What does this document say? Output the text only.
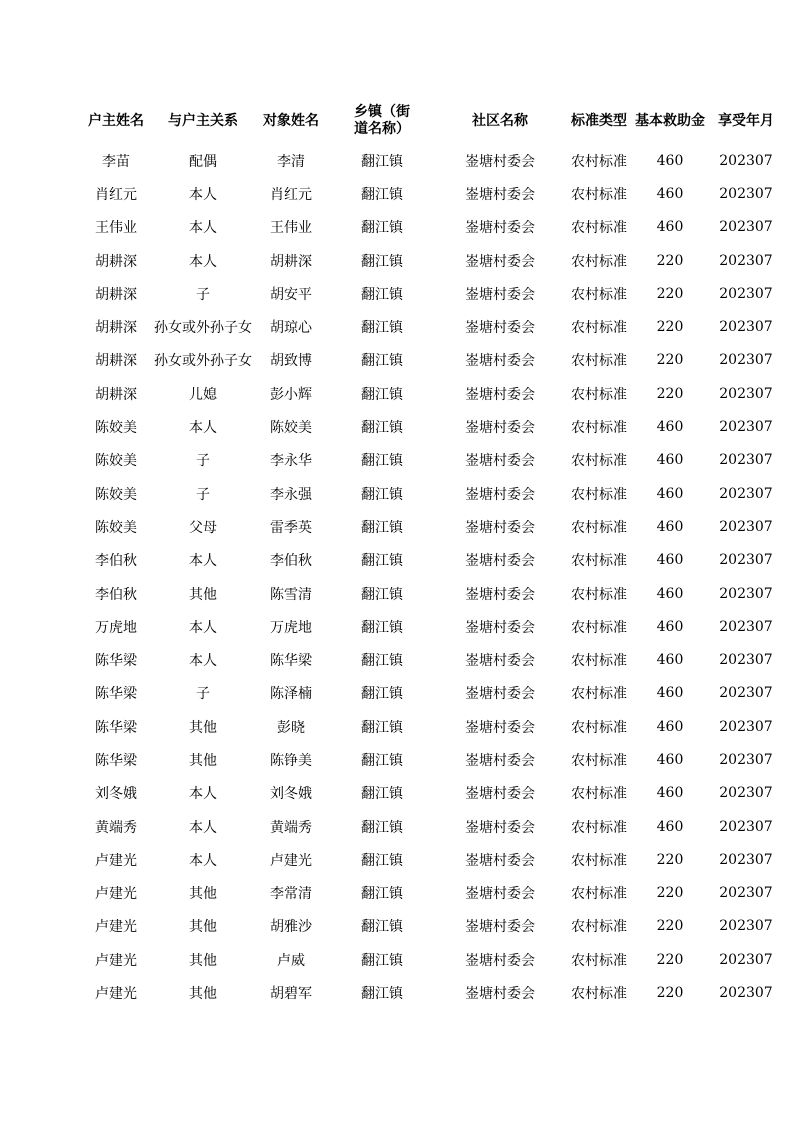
户主姓名	与户主关系	对象姓名	乡镇（街道名称）	社区名称	标准类型	基本救助金	享受年月
李苗	配偶	李清	翻江镇	崟塘村委会	农村标准	460	202307
肖红元	本人	肖红元	翻江镇	崟塘村委会	农村标准	460	202307
王伟业	本人	王伟业	翻江镇	崟塘村委会	农村标准	460	202307
胡耕深	本人	胡耕深	翻江镇	崟塘村委会	农村标准	220	202307
胡耕深	子	胡安平	翻江镇	崟塘村委会	农村标准	220	202307
胡耕深	孙女或外孙子女	胡琼心	翻江镇	崟塘村委会	农村标准	220	202307
胡耕深	孙女或外孙子女	胡致博	翻江镇	崟塘村委会	农村标准	220	202307
胡耕深	儿媳	彭小辉	翻江镇	崟塘村委会	农村标准	220	202307
陈姣美	本人	陈姣美	翻江镇	崟塘村委会	农村标准	460	202307
陈姣美	子	李永华	翻江镇	崟塘村委会	农村标准	460	202307
陈姣美	子	李永强	翻江镇	崟塘村委会	农村标准	460	202307
陈姣美	父母	雷季英	翻江镇	崟塘村委会	农村标准	460	202307
李伯秋	本人	李伯秋	翻江镇	崟塘村委会	农村标准	460	202307
李伯秋	其他	陈雪清	翻江镇	崟塘村委会	农村标准	460	202307
万虎地	本人	万虎地	翻江镇	崟塘村委会	农村标准	460	202307
陈华梁	本人	陈华梁	翻江镇	崟塘村委会	农村标准	460	202307
陈华梁	子	陈泽楠	翻江镇	崟塘村委会	农村标准	460	202307
陈华梁	其他	彭晓	翻江镇	崟塘村委会	农村标准	460	202307
陈华梁	其他	陈铮美	翻江镇	崟塘村委会	农村标准	460	202307
刘冬娥	本人	刘冬娥	翻江镇	崟塘村委会	农村标准	460	202307
黄端秀	本人	黄端秀	翻江镇	崟塘村委会	农村标准	460	202307
卢建光	本人	卢建光	翻江镇	崟塘村委会	农村标准	220	202307
卢建光	其他	李常清	翻江镇	崟塘村委会	农村标准	220	202307
卢建光	其他	胡雅沙	翻江镇	崟塘村委会	农村标准	220	202307
卢建光	其他	卢威	翻江镇	崟塘村委会	农村标准	220	202307
卢建光	其他	胡碧军	翻江镇	崟塘村委会	农村标准	220	202307
